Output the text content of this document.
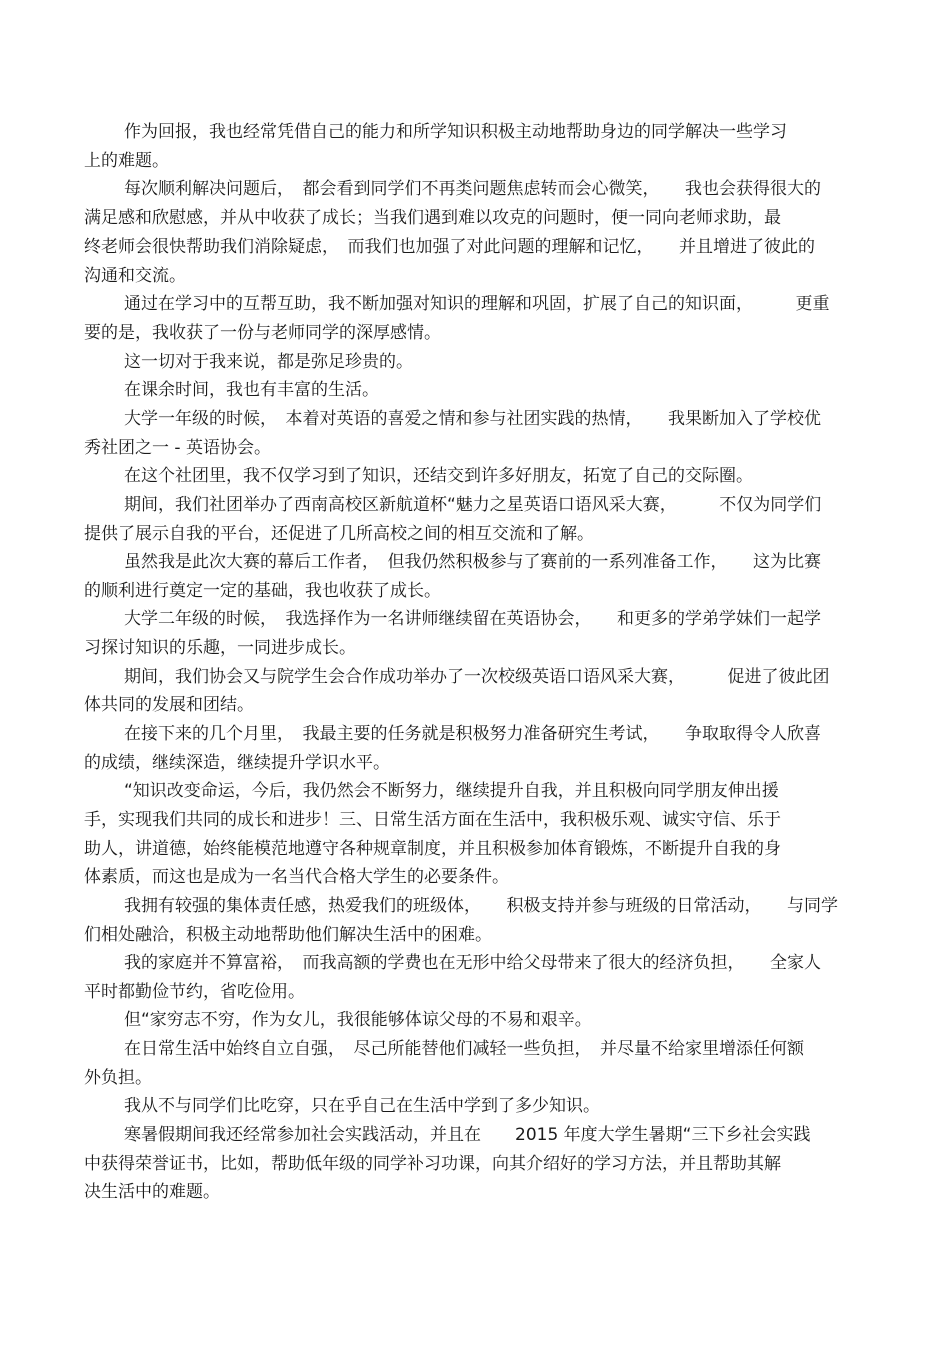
作为回报，我也经常凭借自己的能力和所学知识积极主动地帮助身边的同学解决一些学习
上的难题。
每次顺利解决问题后，　都会看到同学们不再类问题焦虑转而会心微笑，　　我也会获得很大的
满足感和欣慰感，并从中收获了成长；当我们遇到难以攻克的问题时，便一同向老师求助，最
终老师会很快帮助我们消除疑虑，　而我们也加强了对此问题的理解和记忆，　　并且增进了彼此的
沟通和交流。
通过在学习中的互帮互助，我不断加强对知识的理解和巩固，扩展了自己的知识面，　　　更重
要的是，我收获了一份与老师同学的深厚感情。
这一切对于我来说，都是弥足珍贵的。
在课余时间，我也有丰富的生活。
大学一年级的时候，　本着对英语的喜爱之情和参与社团实践的热情，　　我果断加入了学校优
秀社团之一 - 英语协会。
在这个社团里，我不仅学习到了知识，还结交到许多好朋友，拓宽了自己的交际圈。
期间，我们社团举办了西南高校区新航道杯“魅力之星英语口语风采大赛，　　　不仅为同学们
提供了展示自我的平台，还促进了几所高校之间的相互交流和了解。
虽然我是此次大赛的幕后工作者，　但我仍然积极参与了赛前的一系列准备工作，　　这为比赛
的顺利进行奠定一定的基础，我也收获了成长。
大学二年级的时候，　我选择作为一名讲师继续留在英语协会，　　和更多的学弟学妹们一起学
习探讨知识的乐趣，一同进步成长。
期间，我们协会又与院学生会合作成功举办了一次校级英语口语风采大赛，　　　促进了彼此团
体共同的发展和团结。
在接下来的几个月里，　我最主要的任务就是积极努力准备研究生考试，　　争取取得令人欣喜
的成绩，继续深造，继续提升学识水平。
“知识改变命运，今后，我仍然会不断努力，继续提升自我，并且积极向同学朋友伸出援
手，实现我们共同的成长和进步！三、日常生活方面在生活中，我积极乐观、诚实守信、乐于
助人，讲道德，始终能模范地遵守各种规章制度，并且积极参加体育锻炼，不断提升自我的身
体素质，而这也是成为一名当代合格大学生的必要条件。
我拥有较强的集体责任感，热爱我们的班级体，　　积极支持并参与班级的日常活动，　　与同学
们相处融洽，积极主动地帮助他们解决生活中的困难。
我的家庭并不算富裕，　而我高额的学费也在无形中给父母带来了很大的经济负担，　　全家人
平时都勤俭节约，省吃俭用。
但“家穷志不穷，作为女儿，我很能够体谅父母的不易和艰辛。
在日常生活中始终自立自强，　尽己所能替他们减轻一些负担，　并尽量不给家里增添任何额
外负担。
我从不与同学们比吃穿，只在乎自己在生活中学到了多少知识。
寒暑假期间我还经常参加社会实践活动，并且在　　2015 年度大学生暑期“三下乡社会实践
中获得荣誉证书，比如，帮助低年级的同学补习功课，向其介绍好的学习方法，并且帮助其解
决生活中的难题。
